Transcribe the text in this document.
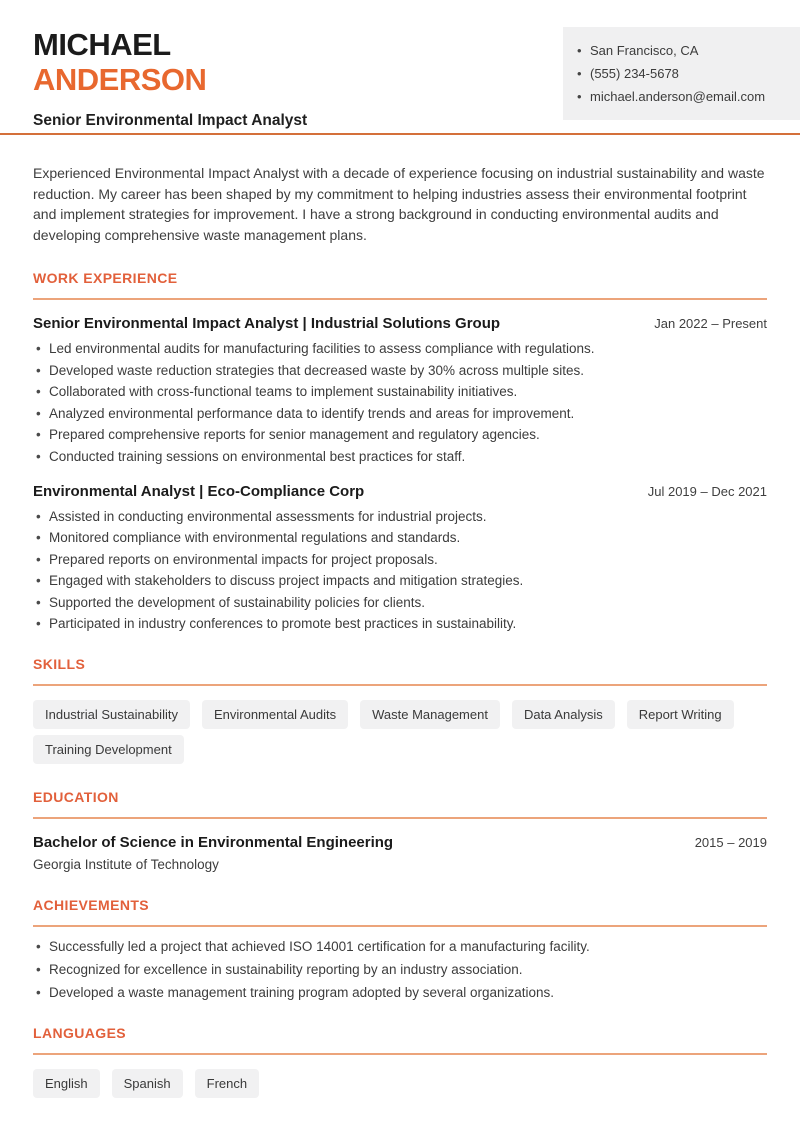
MICHAEL
ANDERSON
Senior Environmental Impact Analyst
• San Francisco, CA
• (555) 234-5678
• michael.anderson@email.com

Experienced Environmental Impact Analyst with a decade of experience focusing on industrial sustainability and waste reduction. My career has been shaped by my commitment to helping industries assess their environmental footprint and implement strategies for improvement. I have a strong background in conducting environmental audits and developing comprehensive waste management plans.

WORK EXPERIENCE
Senior Environmental Impact Analyst | Industrial Solutions Group	Jan 2022 – Present
• Led environmental audits for manufacturing facilities to assess compliance with regulations.
• Developed waste reduction strategies that decreased waste by 30% across multiple sites.
• Collaborated with cross-functional teams to implement sustainability initiatives.
• Analyzed environmental performance data to identify trends and areas for improvement.
• Prepared comprehensive reports for senior management and regulatory agencies.
• Conducted training sessions on environmental best practices for staff.
Environmental Analyst | Eco-Compliance Corp	Jul 2019 – Dec 2021
• Assisted in conducting environmental assessments for industrial projects.
• Monitored compliance with environmental regulations and standards.
• Prepared reports on environmental impacts for project proposals.
• Engaged with stakeholders to discuss project impacts and mitigation strategies.
• Supported the development of sustainability policies for clients.
• Participated in industry conferences to promote best practices in sustainability.
SKILLS
Industrial Sustainability	Environmental Audits	Waste Management	Data Analysis	Report Writing
Training Development
EDUCATION
Bachelor of Science in Environmental Engineering	2015 – 2019
Georgia Institute of Technology
ACHIEVEMENTS
• Successfully led a project that achieved ISO 14001 certification for a manufacturing facility.
• Recognized for excellence in sustainability reporting by an industry association.
• Developed a waste management training program adopted by several organizations.
LANGUAGES
English	Spanish	French
